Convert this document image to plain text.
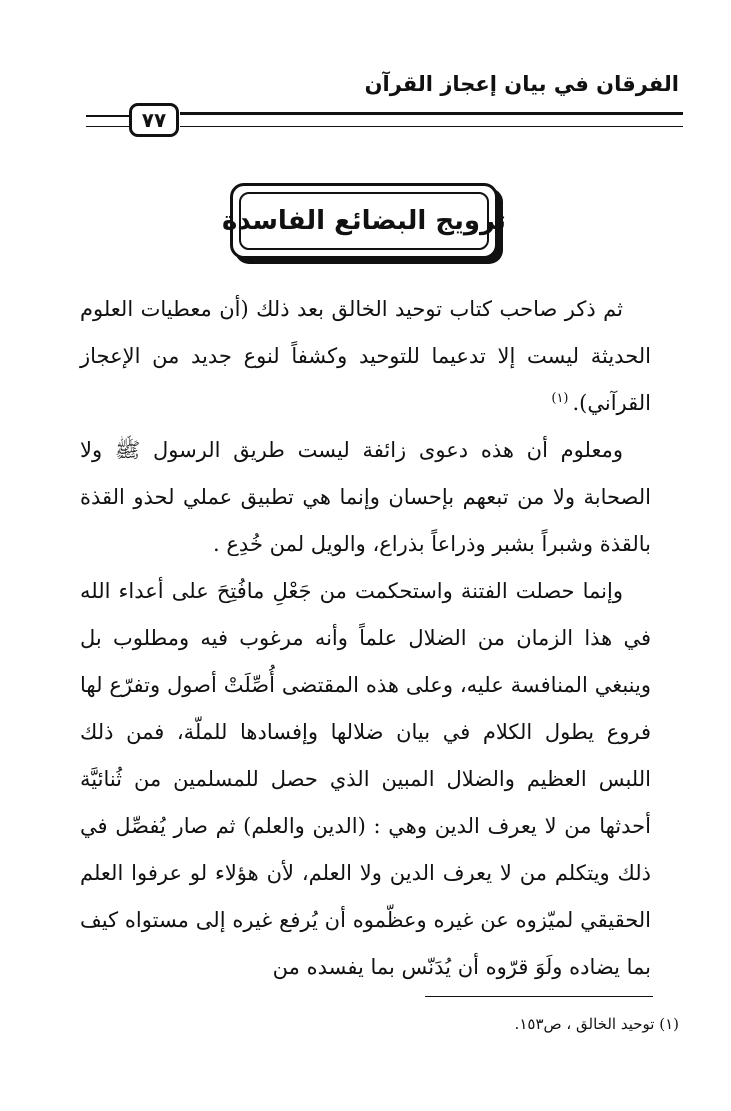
الفرقان في بيان إعجاز القرآن
٧٧
ترويج البضائع الفاسدة

ثم ذكر صاحب كتاب توحيد الخالق بعد ذلك (أن معطيات العلوم الحديثة ليست إلا تدعيما للتوحيد وكشفاً لنوع جديد من الإعجاز القرآني).$^{(١)}$

ومعلوم أن هذه دعوى زائفة ليست طريق الرسول ﷺ ولا الصحابة ولا من تبعهم بإحسان وإنما هي تطبيق عملي لحذو القذة بالقذة وشبراً بشبر وذراعاً بذراع، والويل لمن خُدِع .

وإنما حصلت الفتنة واستحكمت من جَعْلِ مافُتِحَ على أعداء الله في هذا الزمان من الضلال علماً وأنه مرغوب فيه ومطلوب بل وينبغي المنافسة عليه، وعلى هذه المقتضى أُصِّلَتْ أصول وتفرّع لها فروع يطول الكلام في بيان ضلالها وإفسادها للملّة، فمن ذلك اللبس العظيم والضلال المبين الذي حصل للمسلمين من ثُنائيَّة أحدثها من لا يعرف الدين وهي : (الدين والعلم) ثم صار يُفصِّل في ذلك ويتكلم من لا يعرف الدين ولا العلم، لأن هؤلاء لو عرفوا العلم الحقيقي لميّزوه عن غيره وعظّموه أن يُرفع غيره إلى مستواه كيف بما يضاده ولَوَ قرّوه أن يُدَنّس بما يفسده من

(١) توحيد الخالق ، ص١٥٣.
